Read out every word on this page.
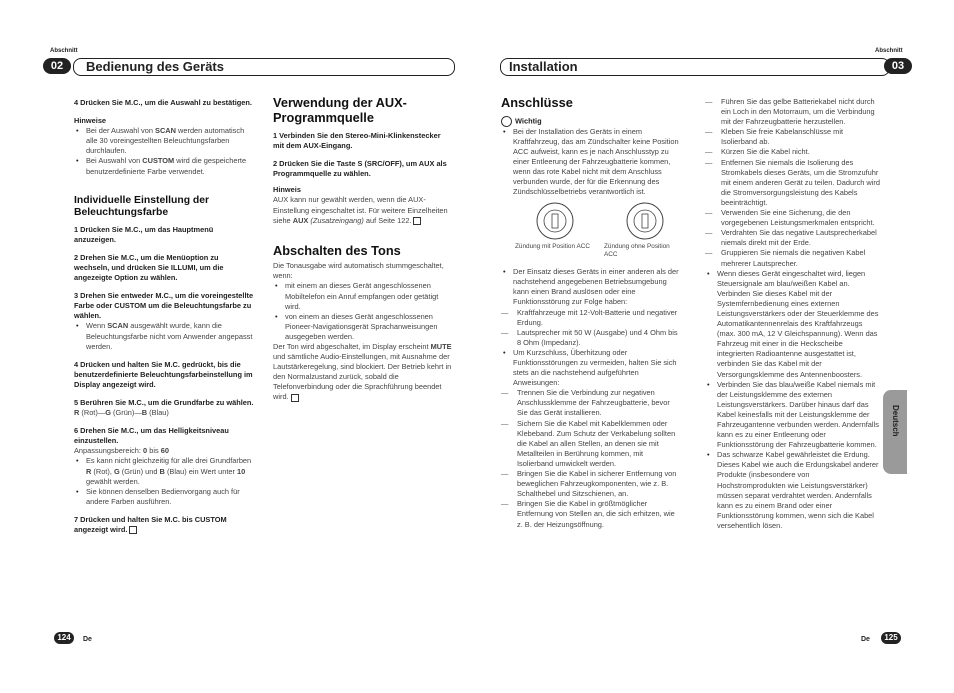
Abschnitt	Abschnitt
02	Bedienung des Geräts	Installation	03

4 Drücken Sie M.C., um die Auswahl zu bestätigen.

Hinweise

• Bei der Auswahl von SCAN werden automatisch alle 30 voreingestellten Beleuchtungsfarben durchlaufen.
• Bei Auswahl von CUSTOM wird die gespeicherte benutzerdefinierte Farbe verwendet.

Individuelle Einstellung der Beleuchtungsfarbe

1 Drücken Sie M.C., um das Hauptmenü anzuzeigen.

2 Drehen Sie M.C., um die Menüoption zu wechseln, und drücken Sie ILLUMI, um die angezeigte Option zu wählen.

3 Drehen Sie entweder M.C., um die voreingestellte Farbe oder CUSTOM um die Beleuchtungsfarbe zu wählen.

• Wenn SCAN ausgewählt wurde, kann die Beleuchtungsfarbe nicht vom Anwender angepasst werden.

4 Drücken und halten Sie M.C. gedrückt, bis die benutzerdefinierte Beleuchtungsfarbeinstellung im Display angezeigt wird.

5 Berühren Sie M.C., um die Grundfarbe zu wählen.

R (Rot)—G (Grün)—B (Blau)

6 Drehen Sie M.C., um das Helligkeitsniveau einzustellen.

Anpassungsbereich: 0 bis 60

• Es kann nicht gleichzeitig für alle drei Grundfarben R (Rot), G (Grün) und B (Blau) ein Wert unter 10 gewählt werden.
• Sie können denselben Bedienvorgang auch für andere Farben ausführen.

7 Drücken und halten Sie M.C. bis CUSTOM angezeigt wird.

Verwendung der AUX-Programmquelle

1 Verbinden Sie den Stereo-Mini-Klinkenstecker mit dem AUX-Eingang.

2 Drücken Sie die Taste S (SRC/OFF), um AUX als Programmquelle zu wählen.

Hinweis

AUX kann nur gewählt werden, wenn die AUX-Einstellung eingeschaltet ist. Für weitere Einzelheiten siehe AUX (Zusatzeingang) auf Seite 122.

Abschalten des Tons

Die Tonausgabe wird automatisch stummgeschaltet, wenn:

• mit einem an dieses Gerät angeschlossenen Mobiltelefon ein Anruf empfangen oder getätigt wird.
• von einem an dieses Gerät angeschlossenen Pioneer-Navigationsgerät Sprachanweisungen ausgegeben werden.

Der Ton wird abgeschaltet, im Display erscheint MUTE und sämtliche Audio-Einstellungen, mit Ausnahme der Lautstärkeregelung, sind blockiert. Der Betrieb kehrt in den Normalzustand zurück, sobald die Telefonverbindung oder die Sprachführung beendet wird.

Anschlüsse

Wichtig

• Bei der Installation des Geräts in einem Kraftfahrzeug, das am Zündschalter keine Position ACC aufweist, kann es je nach Anschlusstyp zu einer Entleerung der Fahrzeugbatterie kommen, wenn das rote Kabel nicht mit dem Anschluss verbunden wurde, der für die Erkennung des Zündschlüsselbetriebs verantwortlich ist.
Zündung mit Position ACC	Zündung ohne Position ACC
• Der Einsatz dieses Geräts in einer anderen als der nachstehend angegebenen Betriebsumgebung kann einen Brand auslösen oder eine Funktionsstörung zur Folge haben:
— Kraftfahrzeuge mit 12-Volt-Batterie und negativer Erdung.
— Lautsprecher mit 50 W (Ausgabe) und 4 Ohm bis 8 Ohm (Impedanz).
• Um Kurzschluss, Überhitzung oder Funktionsstörungen zu vermeiden, halten Sie sich stets an die nachstehend aufgeführten Anweisungen:
— Trennen Sie die Verbindung zur negativen Anschlussklemme der Fahrzeugbatterie, bevor Sie das Gerät installieren.
— Sichern Sie die Kabel mit Kabelklemmen oder Klebeband. Zum Schutz der Verkabelung sollten die Kabel an allen Stellen, an denen sie mit Metallteilen in Berührung kommen, mit Isolierband umwickelt werden.
— Bringen Sie die Kabel in sicherer Entfernung von beweglichen Fahrzeugkomponenten, wie z. B. Schalthebel und Sitzschienen, an.
— Bringen Sie die Kabel in größtmöglicher Entfernung von Stellen an, die sich erhitzen, wie z. B. der Heizungsöffnung.
— Führen Sie das gelbe Batteriekabel nicht durch ein Loch in den Motorraum, um die Verbindung mit der Fahrzeugbatterie herzustellen.
— Kleben Sie freie Kabelanschlüsse mit Isolierband ab.
— Kürzen Sie die Kabel nicht.
— Entfernen Sie niemals die Isolierung des Stromkabels dieses Geräts, um die Stromzufuhr mit einem anderen Gerät zu teilen. Dadurch wird die Stromversorgungsleistung des Kabels beeinträchtigt.
— Verwenden Sie eine Sicherung, die den vorgegebenen Leistungsmerkmalen entspricht.
— Verdrahten Sie das negative Lautsprecherkabel niemals direkt mit der Erde.
— Gruppieren Sie niemals die negativen Kabel mehrerer Lautsprecher.
• Wenn dieses Gerät eingeschaltet wird, liegen Steuersignale am blau/weißen Kabel an. Verbinden Sie dieses Kabel mit der Systemfernbedienung eines externen Leistungsverstärkers oder der Steuerklemme des Automatikantennenrelais des Kraftfahrzeugs (max. 300 mA, 12 V Gleichspannung). Wenn das Fahrzeug mit einer in die Heckscheibe integrierten Radioantenne ausgestattet ist, verbinden Sie das Kabel mit der Versorgungsklemme des Antennenboosters.
• Verbinden Sie das blau/weiße Kabel niemals mit der Leistungsklemme des externen Leistungsverstärkers. Darüber hinaus darf das Kabel keinesfalls mit der Leistungsklemme der Fahrzeugantenne verbunden werden. Andernfalls kann es zu einer Entleerung oder Funktionsstörung der Fahrzeugbatterie kommen.
• Das schwarze Kabel gewährleistet die Erdung. Dieses Kabel wie auch die Erdungskabel anderer Produkte (insbesondere von Hochstromprodukten wie Leistungsverstärker) müssen separat verdrahtet werden. Andernfalls kann es zu einem Brand oder einer Funktionsstörung kommen, wenn sich die Kabel versehentlich lösen.
Deutsch
124	De	De	125
